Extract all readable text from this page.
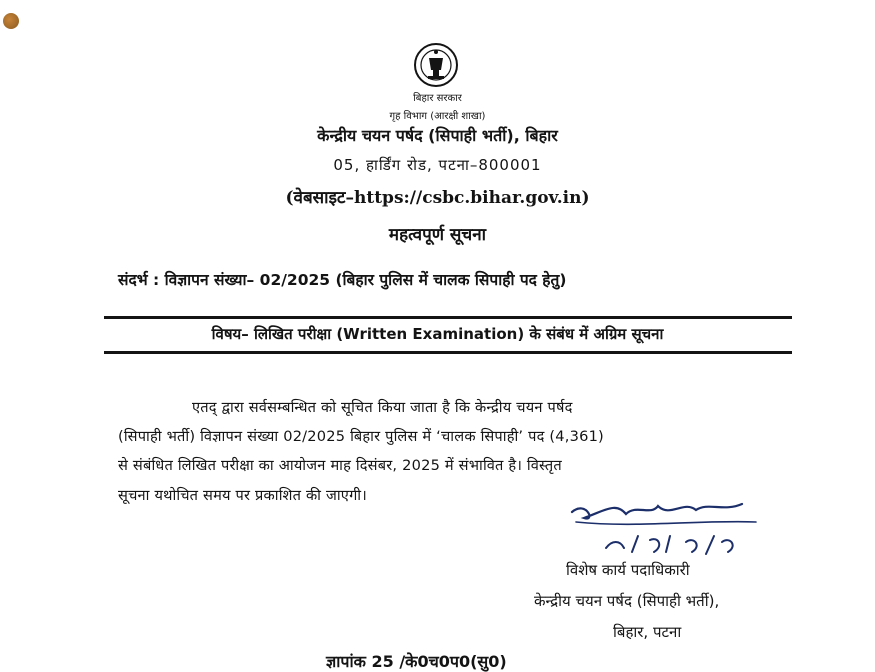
बिहार सरकार
गृह विभाग (आरक्षी शाखा)
केन्द्रीय चयन पर्षद (सिपाही भर्ती), बिहार
05, हार्डिंग रोड, पटना–800001
(वेबसाइट–https://csbc.bihar.gov.in)
महत्वपूर्ण सूचना
संदर्भ : विज्ञापन संख्या– 02/2025 (बिहार पुलिस में चालक सिपाही पद हेतु)
विषय– लिखित परीक्षा (Written Examination) के संबंध में अग्रिम सूचना
एतद् द्वारा सर्वसम्बन्धित को सूचित किया जाता है कि केन्द्रीय चयन पर्षद
(सिपाही भर्ती) विज्ञापन संख्या 02/2025 बिहार पुलिस में ‘चालक सिपाही’ पद (4,361)
से संबंधित लिखित परीक्षा का आयोजन माह दिसंबर, 2025 में संभावित है। विस्तृत
सूचना यथोचित समय पर प्रकाशित की जाएगी।
विशेष कार्य पदाधिकारी
केन्द्रीय चयन पर्षद (सिपाही भर्ती),
बिहार, पटना
ज्ञापांक 25 /के0च0प0(सु0)
